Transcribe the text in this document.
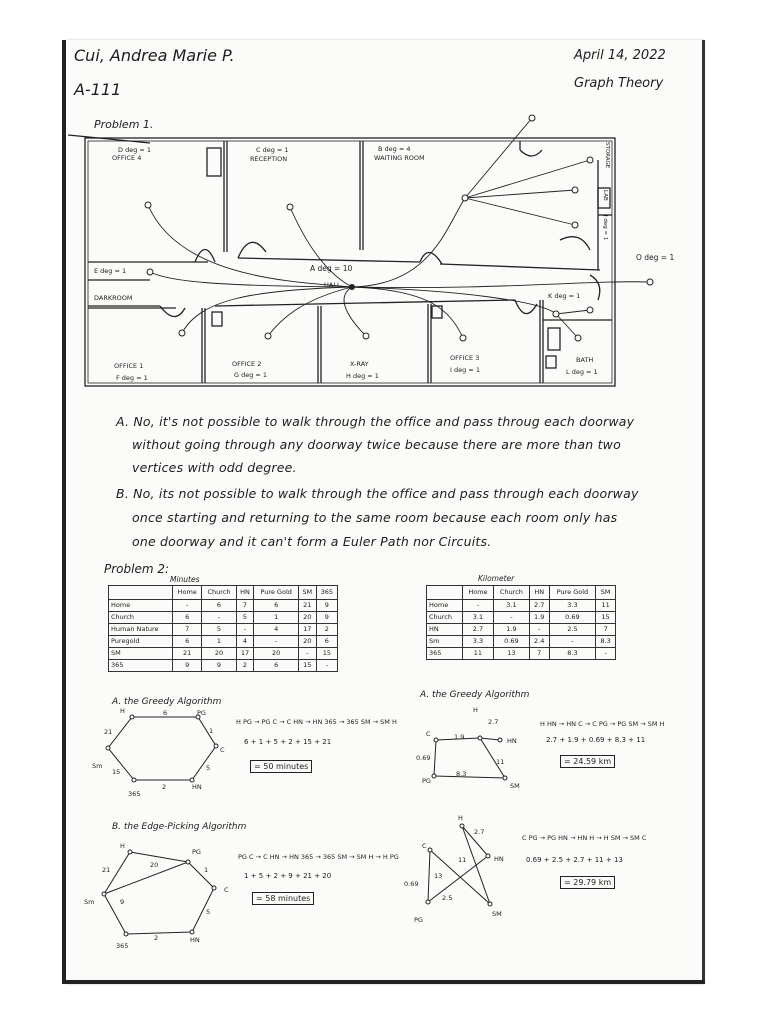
Cui, Andrea Marie P.
A-111
April 14, 2022
Graph Theory
Problem 1.
D deg = 1
OFFICE 4
C deg = 1
RECEPTION
B deg = 4
WAITING ROOM	STORAGE
LAB
J deg = 1
O deg = 1
E deg = 1
DARKROOM
A deg = 10
HALL
K deg = 1
OFFICE 1
F deg = 1
OFFICE 2
G deg = 1
X-RAY
H deg = 1
OFFICE 3
I deg = 1
BATH
L deg = 1
A. No, it's not possible to walk through the office and pass throug each doorway
without going through any doorway twice because there are more than two
vertices with odd degree.
B. No, its not possible to walk through the office and pass through each doorway
once starting and returning to the same room because each room only has
one doorway and it can't form a Euler Path nor Circuits.
Problem 2:
Minutes	Kilometer
	Home	Church	HN	Pure Gold	SM	365
Home	-	6	7	6	21	9
Church	6	-	5	1	20	9
Human Nature	7	5	-	4	17	2
Puregold	6	1	4	-	20	6
SM	21	20	17	20	-	15
365	9	9	2	6	15	-
	Home	Church	HN	Pure Gold	SM
Home	-	3.1	2.7	3.3	11
Church	3.1	-	1.9	0.69	15
HN	2.7	1.9	-	2.5	7
Sm	3.3	0.69	2.4	-	8.3
365	11	13	7	8.3	-
A. the Greedy Algorithm
H	PG
C
HN
365
Sm
6
1
5
2
15
21
H PG → PG C → C HN → HN 365 → 365 SM → SM H
6 + 1 + 5 + 2 + 15 + 21
= 50 minutes
A. the Greedy Algorithm
H
C
HN
PG
SM
2.7
1.9
0.69
8.3
11
H HN → HN C → C PG → PG SM → SM H
2.7 + 1.9 + 0.69 + 8.3 + 11
= 24.59 km
B. the Edge-Picking Algorithm
H
PG
C
HN
365
Sm
1
5
2
9
20
21
PG C → C HN → HN 365 → 365 SM → SM H → H PG
1 + 5 + 2 + 9 + 21 + 20
= 58 minutes
H
C
HN
PG
SM
2.7
11
0.69
13
2.5
C PG → PG HN → HN H → H SM → SM C
0.69 + 2.5 + 2.7 + 11 + 13
= 29.79 km
